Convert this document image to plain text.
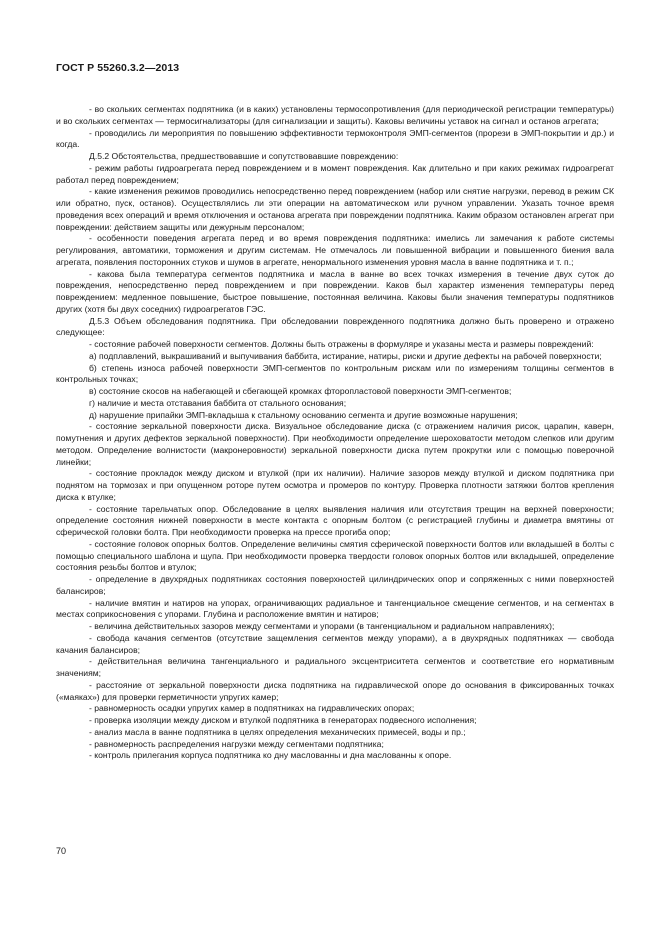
ГОСТ Р 55260.3.2—2013

- во скольких сегментах подпятника (и в каких) установлены термосопротивления (для периодической регистрации температуры) и во скольких сегментах — термосигнализаторы (для сигнализации и защиты). Каковы величины уставок на сигнал и останов агрегата;

- проводились ли мероприятия по повышению эффективности термоконтроля ЭМП-сегментов (прорези в ЭМП-покрытии и др.) и когда.

Д.5.2 Обстоятельства, предшествовавшие и сопутствовавшие повреждению:

- режим работы гидроагрегата перед повреждением и в момент повреждения. Как длительно и при каких режимах гидроагрегат работал перед повреждением;

- какие изменения режимов проводились непосредственно перед повреждением (набор или снятие нагрузки, перевод в режим СК или обратно, пуск, останов). Осуществлялись ли эти операции на автоматическом или ручном управлении. Указать точное время проведения всех операций и время отключения и останова агрегата при повреждении подпятника. Каким образом остановлен агрегат при повреждении: действием защиты или дежурным персоналом;

- особенности поведения агрегата перед и во время повреждения подпятника: имелись ли замечания к работе системы регулирования, автоматики, торможения и другим системам. Не отмечалось ли повышенной вибрации и повышенного биения вала агрегата, появления посторонних стуков и шумов в агрегате, ненормального изменения уровня масла в ванне подпятника и т. п.;

- какова была температура сегментов подпятника и масла в ванне во всех точках измерения в течение двух суток до повреждения, непосредственно перед повреждением и при повреждении. Каков был характер изменения температуры перед повреждением: медленное повышение, быстрое повышение, постоянная величина. Каковы были значения температуры подпятников других (хотя бы двух соседних) гидроагрегатов ГЭС.

Д.5.3 Объем обследования подпятника. При обследовании поврежденного подпятника должно быть проверено и отражено следующее:

- состояние рабочей поверхности сегментов. Должны быть отражены в формуляре и указаны места и размеры повреждений:

а) подплавлений, выкрашиваний и выпучивания баббита, истирание, натиры, риски и другие дефекты на рабочей поверхности;

б) степень износа рабочей поверхности ЭМП-сегментов по контрольным рискам или по измерениям толщины сегментов в контрольных точках;

в) состояние скосов на набегающей и сбегающей кромках фторопластовой поверхности ЭМП-сегментов;

г) наличие и места отставания баббита от стального основания;

д) нарушение припайки ЭМП-вкладыша к стальному основанию сегмента и другие возможные нарушения;

- состояние зеркальной поверхности диска. Визуальное обследование диска (с отражением наличия рисок, царапин, каверн, помутнения и других дефектов зеркальной поверхности). При необходимости определение шероховатости методом слепков или другим методом. Определение волнистости (макронеровности) зеркальной поверхности диска путем прокрутки или с помощью поверочной линейки;

- состояние прокладок между диском и втулкой (при их наличии). Наличие зазоров между втулкой и диском подпятника при поднятом на тормозах и при опущенном роторе путем осмотра и промеров по контуру. Проверка плотности затяжки болтов крепления диска к втулке;

- состояние тарельчатых опор. Обследование в целях выявления наличия или отсутствия трещин на верхней поверхности; определение состояния нижней поверхности в месте контакта с опорным болтом (с регистрацией глубины и диаметра вмятины от сферической головки болта. При необходимости проверка на прессе прогиба опор;

- состояние головок опорных болтов. Определение величины смятия сферической поверхности болтов или вкладышей в болты с помощью специального шаблона и щупа. При необходимости проверка твердости головок опорных болтов или вкладышей, определение состояния резьбы болтов и втулок;

- определение в двухрядных подпятниках состояния поверхностей цилиндрических опор и сопряженных с ними поверхностей балансиров;

- наличие вмятин и натиров на упорах, ограничивающих радиальное и тангенциальное смещение сегментов, и на сегментах в местах соприкосновения с упорами. Глубина и расположение вмятин и натиров;

- величина действительных зазоров между сегментами и упорами (в тангенциальном и радиальном направлениях);

- свобода качания сегментов (отсутствие защемления сегментов между упорами), а в двухрядных подпятниках — свобода качания балансиров;

- действительная величина тангенциального и радиального эксцентриситета сегментов и соответствие его нормативным значениям;

- расстояние от зеркальной поверхности диска подпятника на гидравлической опоре до основания в фиксированных точках («маяках») для проверки герметичности упругих камер;

- равномерность осадки упругих камер в подпятниках на гидравлических опорах;

- проверка изоляции между диском и втулкой подпятника в генераторах подвесного исполнения;

- анализ масла в ванне подпятника в целях определения механических примесей, воды и пр.;

- равномерность распределения нагрузки между сегментами подпятника;

- контроль прилегания корпуса подпятника ко дну маслованны и дна маслованны к опоре.

70
